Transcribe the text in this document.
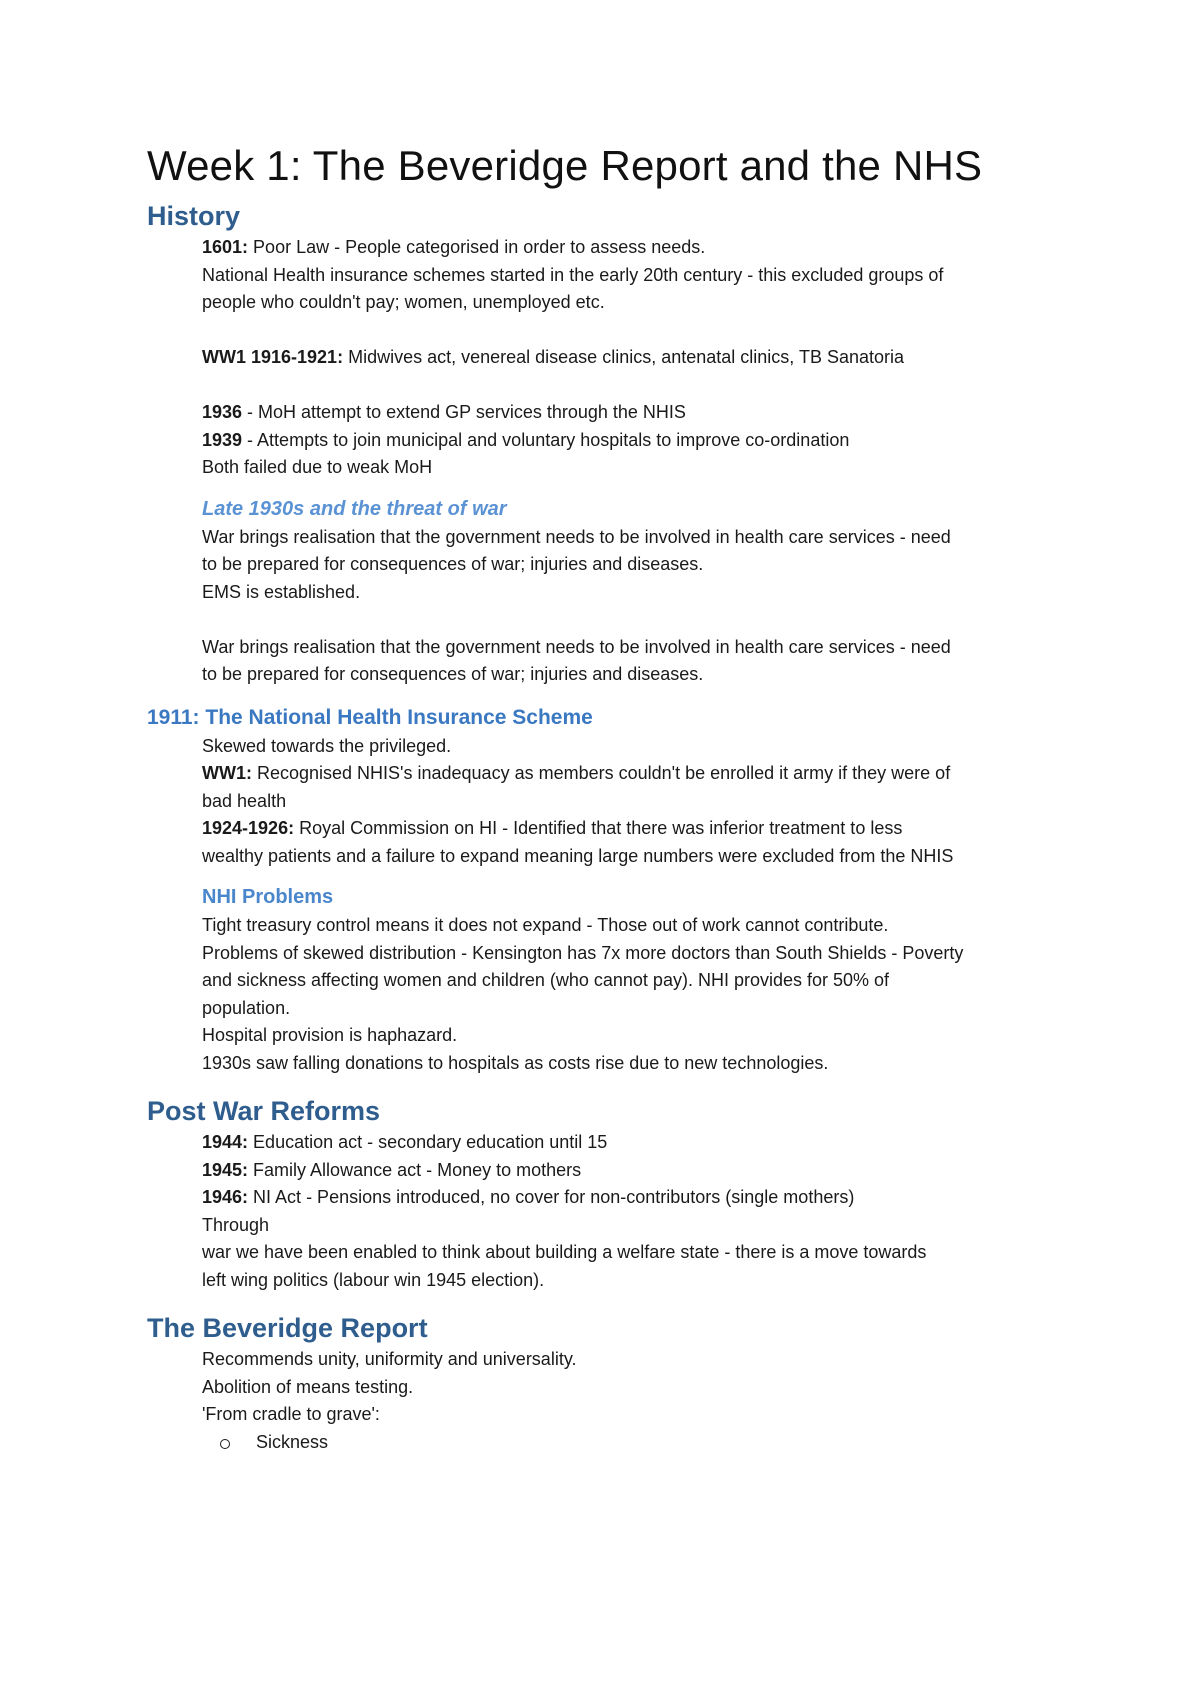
Week 1: The Beveridge Report and the NHS
History
1601: Poor Law - People categorised in order to assess needs.
National Health insurance schemes started in the early 20th century - this excluded groups of
people who couldn't pay; women, unemployed etc.
WW1 1916-1921: Midwives act, venereal disease clinics, antenatal clinics, TB Sanatoria
1936 - MoH attempt to extend GP services through the NHIS
1939 - Attempts to join municipal and voluntary hospitals to improve co-ordination
Both failed due to weak MoH
Late 1930s and the threat of war
War brings realisation that the government needs to be involved in health care services - need
to be prepared for consequences of war; injuries and diseases.
EMS is established.
War brings realisation that the government needs to be involved in health care services - need
to be prepared for consequences of war; injuries and diseases.
1911: The National Health Insurance Scheme
Skewed towards the privileged.
WW1: Recognised NHIS's inadequacy as members couldn't be enrolled it army if they were of
bad health
1924-1926: Royal Commission on HI - Identified that there was inferior treatment to less
wealthy patients and a failure to expand meaning large numbers were excluded from the NHIS
NHI Problems
Tight treasury control means it does not expand - Those out of work cannot contribute.
Problems of skewed distribution - Kensington has 7x more doctors than South Shields - Poverty
and sickness affecting women and children (who cannot pay). NHI provides for 50% of
population.
Hospital provision is haphazard.
1930s saw falling donations to hospitals as costs rise due to new technologies.
Post War Reforms
1944: Education act - secondary education until 15
1945: Family Allowance act - Money to mothers
1946: NI Act - Pensions introduced, no cover for non-contributors (single mothers)
Through
war we have been enabled to think about building a welfare state - there is a move towards
left wing politics (labour win 1945 election).
The Beveridge Report
Recommends unity, uniformity and universality.
Abolition of means testing.
'From cradle to grave':
Sickness
